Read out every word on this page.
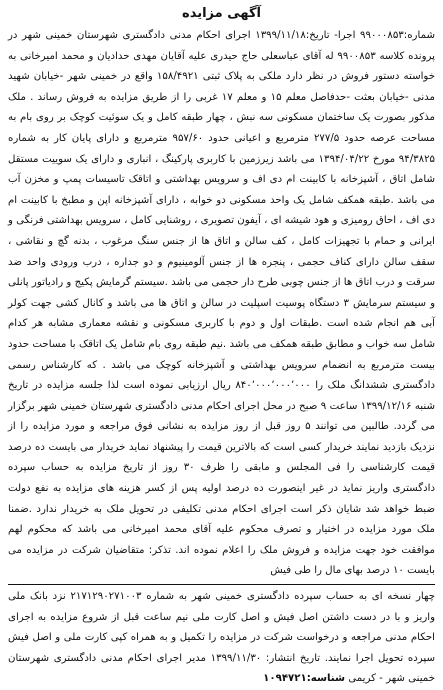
آگهی مزایده

شماره:۹۹۰۰۰۸۵۳ اجرا- تاریخ:۱۳۹۹/۱۱/۱۸ اجرای احکام مدنی دادگستری شهرستان خمینی شهر در پرونده کلاسه ۹۹۰۰۸۵۳ له آقای عباسعلی حاج حیدری علیه آقایان مهدی حدادیان و محمد امیرخانی به خواسته دستور فروش در نظر دارد ملکی به پلاک ثبتی ۱۵۸/۴۹۲۱ واقع در خمینی شهر -خیابان شهید مدنی -خیابان بعثت -حدفاصل معلم ۱۵ و معلم ۱۷ غربی را از طریق مزایده به فروش رساند . ملک مذکور بصورت یک ساختمان مسکونی سه نبش ، چهار طبقه کامل و یک سوئیت کوچک بر روی بام به مساحت عرصه حدود ۲۷۷/۵ مترمربع و اعیانی حدود ۹۵۷/۶۰ مترمربع و دارای پایان کار به شماره ۹۴/۳۸۲۵ مورخ ۱۳۹۴/۰۴/۲۲ می باشد زیرزمین با کاربری پارکینگ ، انباری و دارای یک سوییت مستقل شامل اتاق ، آشپزخانه با کابینت ام دی اف و سرویس بهداشتی و اتاقک تاسیسات پمپ و مخزن آب می باشد .طبقه همکف شامل یک واحد مسکونی دو خوابه ، دارای آشپزخانه اپن و مطبخ با کابینت ام دی اف ، احاق رومیزی و هود شیشه ای ، آیفون تصویری ، روشنایی کامل ، سرویس بهداشتی فرنگی و ایرانی و حمام با تجهیزات کامل ، کف سالن و اتاق ها از جنس سنگ مرغوب ، بدنه گچ و نقاشی ، سقف سالن دارای کناف حجمی ، پنجره ها از جنس آلومینیوم و دو جداره ، درب ورودی واحد ضد سرقت و درب اتاق ها از جنس چوبی طرح دار حجمی می باشد .سیستم گرمایش پکیج و رادیاتور پانلی و سیستم سرمایش ۳ دستگاه پوسیت اسپلیت در سالن و اتاق ها می باشد و کانال کشی جهت کولر آبی هم انجام شده است .طبقات اول و دوم با کاربری مسکونی و نقشه معماری مشابه هر کدام شامل سه خواب و مطابق طبقه همکف می باشد .نیم طبقه روی بام شامل یک اتاقک با مساحت حدود بیست مترمربع به انضمام سرویس بهداشتی و آشپزخانه کوچک می باشد . که کارشناس رسمی دادگستری ششدانگ ملک را ۸۴۰٬۰۰۰٬۰۰۰٬۰۰۰ ریال ارزیابی نموده است لذا جلسه مزایده در تاریخ شنبه ۱۳۹۹/۱۲/۱۶ ساعت ۹ صبح در محل اجرای احکام مدنی دادگستری شهرستان خمینی شهر برگزار می گردد. طالبین می توانند ۵ روز قبل از روز مزایده به نشانی فوق مراجعه و مورد مزایده را از نزدیک بازدید نمایند خریدار کسی است که بالاترین قیمت را پیشنهاد نماید خریدار می بایست ده درصد قیمت کارشناسی را فی المجلس و مابقی را ظرف ۳۰ روز از تاریخ مزایده به حساب سپرده دادگستری واریز نماید در غیر اینصورت ده درصد اولیه پس از کسر هزینه های مزایده به نفع دولت ضبط خواهد شد شایان ذکر است اجرای احکام مدنی تکلیفی در تحویل ملک به خریدار ندارد .ضمنا ملک مورد مزایده در اختیار و تصرف محکوم علیه آقای محمد امیرخانی می باشد که محکوم لهم موافقت خود جهت مزایده و فروش ملک را اعلام نموده اند. تذکر: متقاضیان شرکت در مزایده می بایست ۱۰ درصد بهای مال را طی فیش

چهار نسخه ای به حساب سپرده دادگستری خمینی شهر به شماره ۲۱۷۱۲۹۰۲۷۱۰۰۳ نزد بانک ملی واریز و با در دست داشتن اصل فیش و اصل کارت ملی نیم ساعت قبل از شروع مزایده به اجرای احکام مدنی مراجعه و درخواست شرکت در مزایده را تکمیل و به همراه کپی کارت ملی و اصل فیش سپرده تحویل اجرا نمایند. تاریخ انتشار: ۱۳۹۹/۱۱/۳۰ مدیر اجرای احکام مدنی دادگستری شهرستان خمینی شهر - کریمی شناسه:۱۰۹۴۷۲۱
